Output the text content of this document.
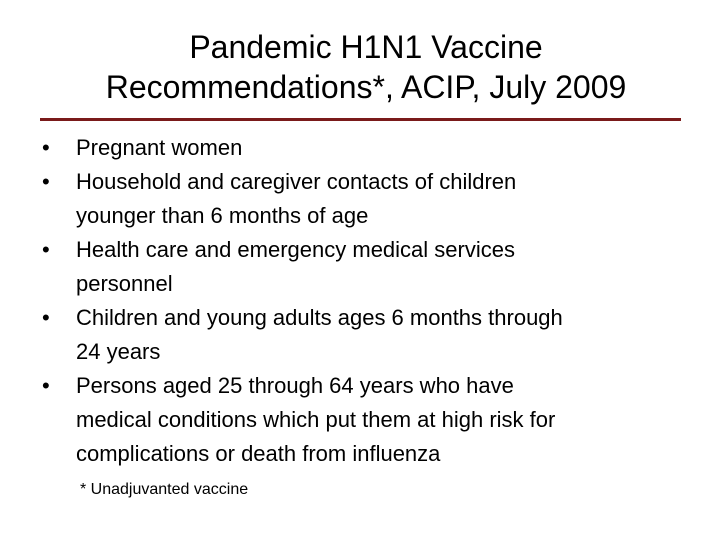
Pandemic H1N1 Vaccine
Recommendations*, ACIP, July 2009
•	Pregnant women
•	Household and caregiver contacts of children
younger than 6 months of age
•	Health care and emergency medical services
personnel
•	Children and young adults ages 6 months through
24 years
•	Persons aged 25 through 64 years who have
medical conditions which put them at high risk for
complications or death from influenza
* Unadjuvanted vaccine
